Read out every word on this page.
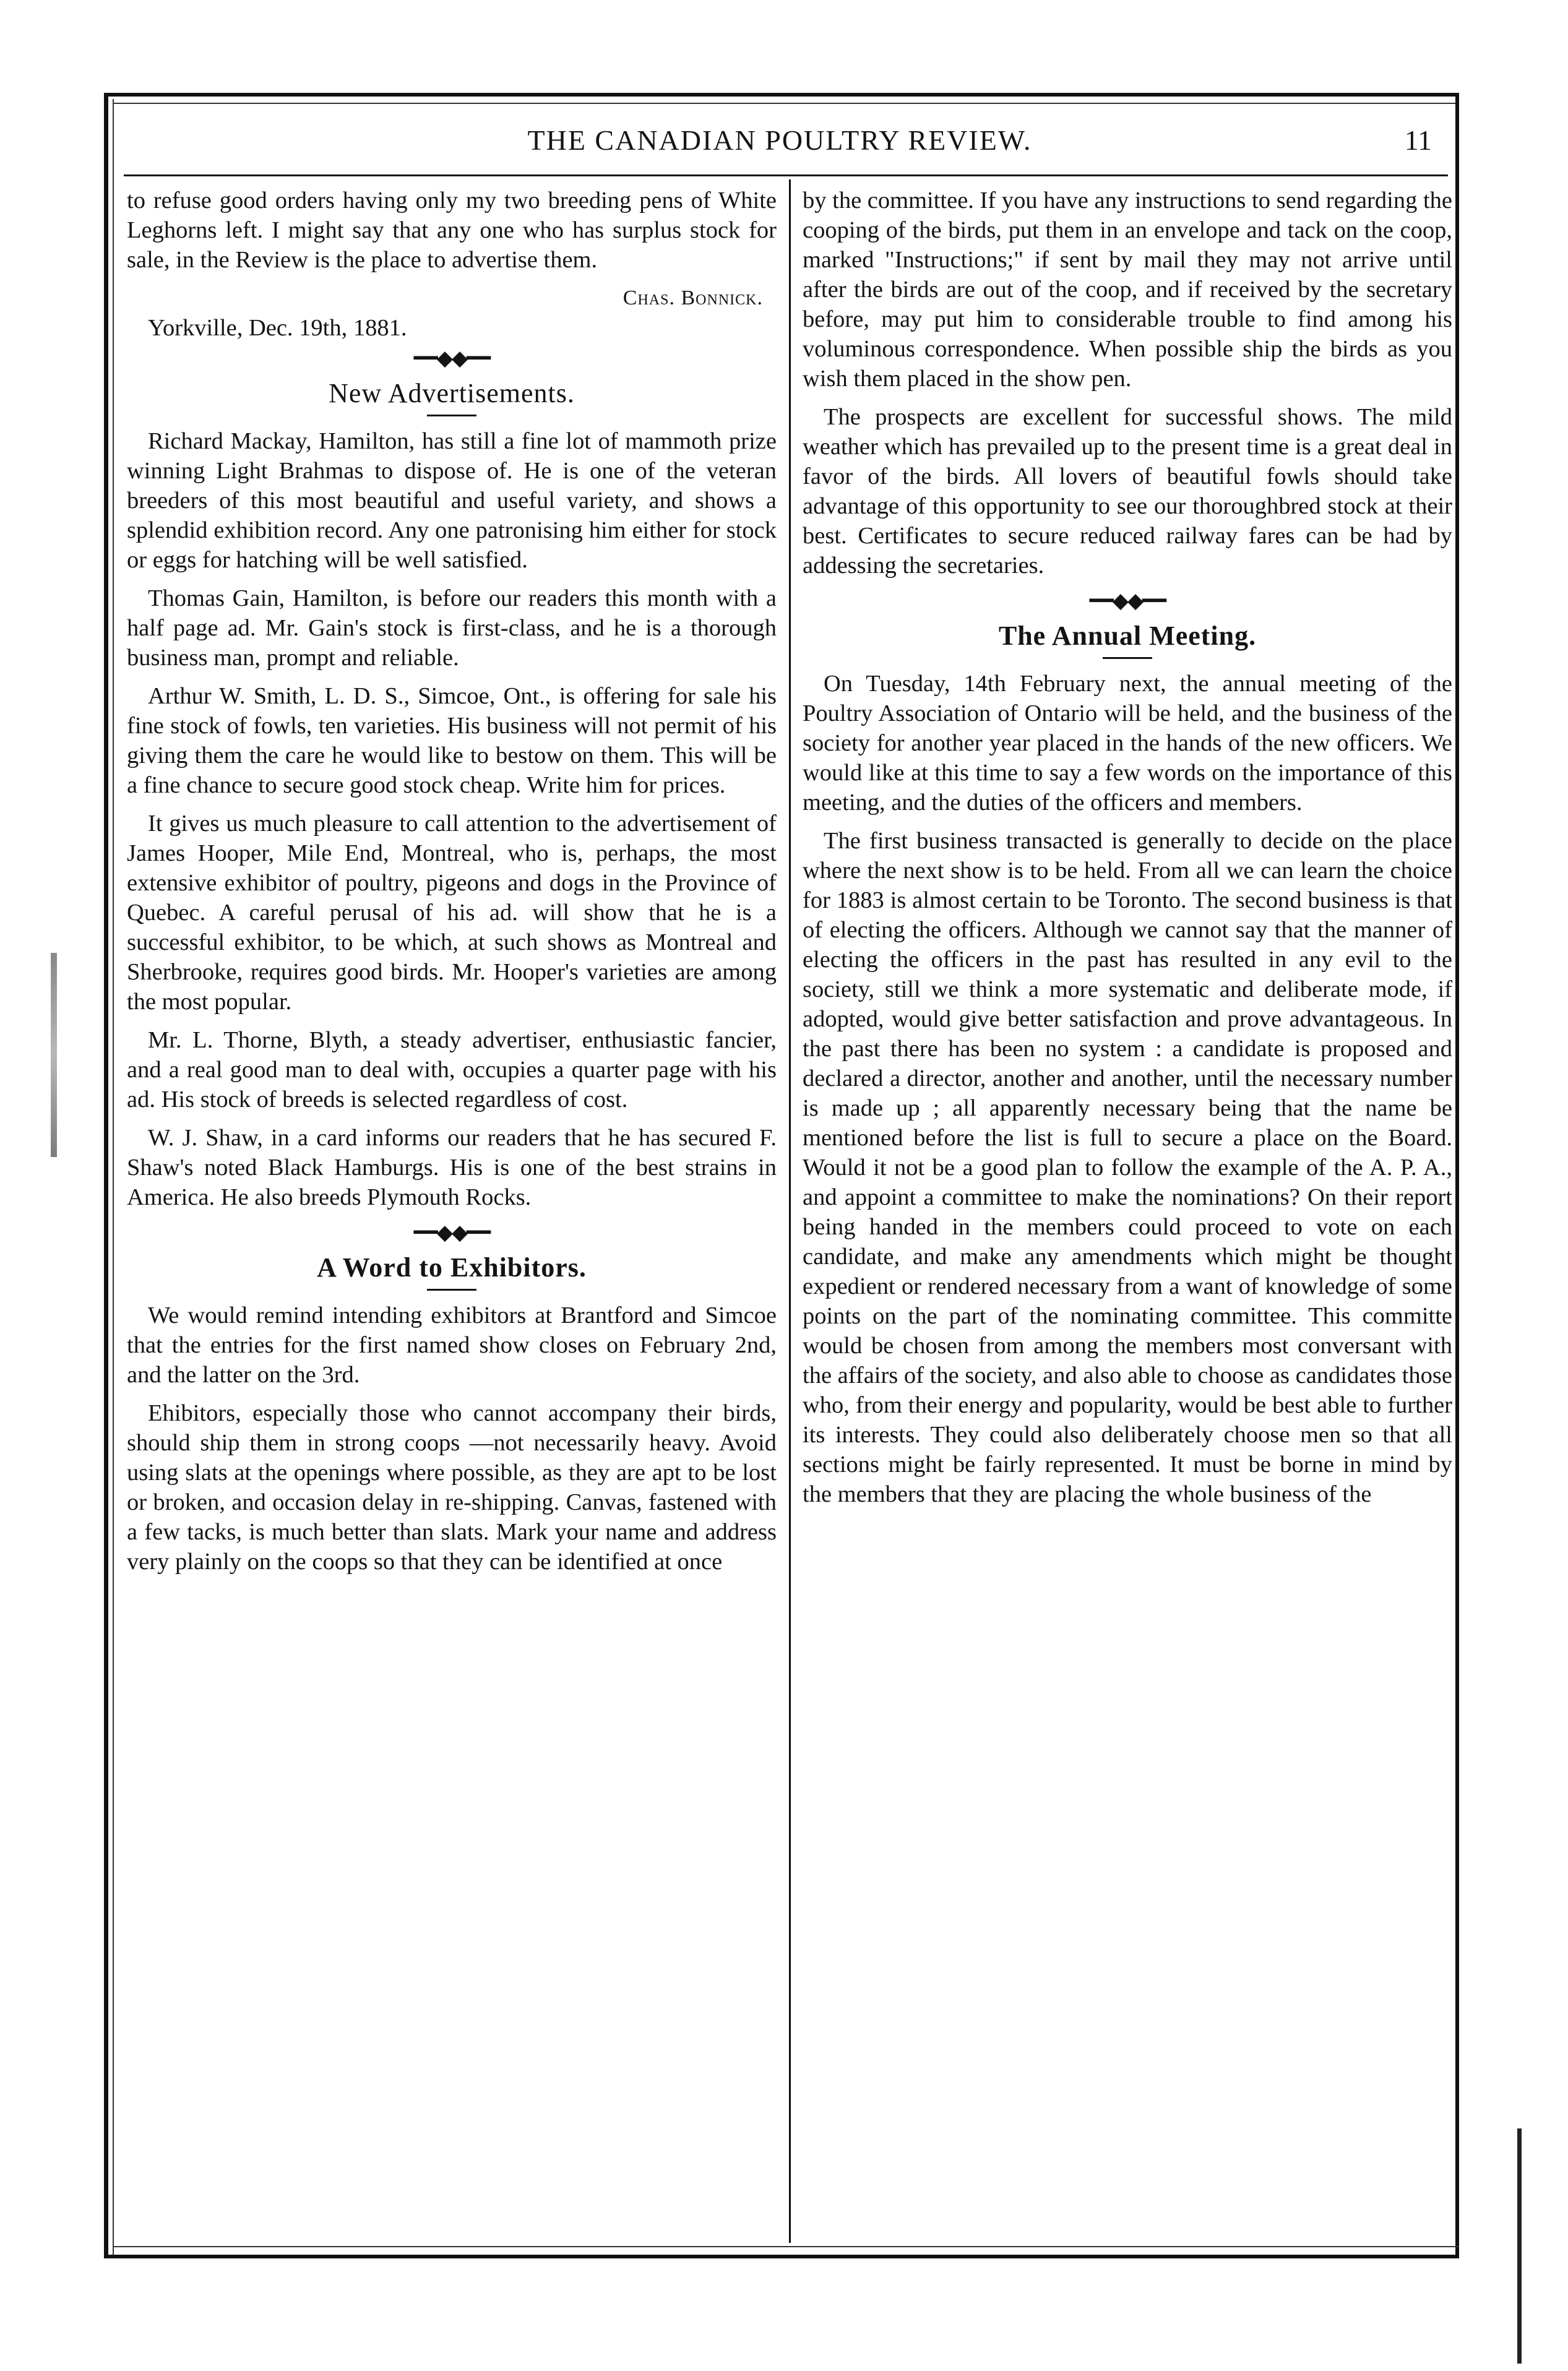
THE CANADIAN POULTRY REVIEW.	11

to refuse good orders having only my two breeding pens of White Leghorns left. I might say that any one who has surplus stock for sale, in the Review is the place to advertise them.

Chas. Bonnick.
Yorkville, Dec. 19th, 1881.
━━◆◆━━
New Advertisements.

Richard Mackay, Hamilton, has still a fine lot of mammoth prize winning Light Brahmas to dispose of. He is one of the veteran breeders of this most beautiful and useful variety, and shows a splendid exhibition record. Any one patronising him either for stock or eggs for hatching will be well satisfied.

Thomas Gain, Hamilton, is before our readers this month with a half page ad. Mr. Gain's stock is first-class, and he is a thorough business man, prompt and reliable.

Arthur W. Smith, L. D. S., Simcoe, Ont., is offering for sale his fine stock of fowls, ten varieties. His business will not permit of his giving them the care he would like to bestow on them. This will be a fine chance to secure good stock cheap. Write him for prices.

It gives us much pleasure to call attention to the advertisement of James Hooper, Mile End, Montreal, who is, perhaps, the most extensive exhibitor of poultry, pigeons and dogs in the Province of Quebec. A careful perusal of his ad. will show that he is a successful exhibitor, to be which, at such shows as Montreal and Sherbrooke, requires good birds. Mr. Hooper's varieties are among the most popular.

Mr. L. Thorne, Blyth, a steady advertiser, enthusiastic fancier, and a real good man to deal with, occupies a quarter page with his ad. His stock of breeds is selected regardless of cost.

W. J. Shaw, in a card informs our readers that he has secured F. Shaw's noted Black Hamburgs. His is one of the best strains in America. He also breeds Plymouth Rocks.

━━◆◆━━
A Word to Exhibitors.

We would remind intending exhibitors at Brantford and Simcoe that the entries for the first named show closes on February 2nd, and the latter on the 3rd.

Ehibitors, especially those who cannot accompany their birds, should ship them in strong coops —not necessarily heavy. Avoid using slats at the openings where possible, as they are apt to be lost or broken, and occasion delay in re-shipping. Canvas, fastened with a few tacks, is much better than slats. Mark your name and address very plainly on the coops so that they can be identified at once

by the committee. If you have any instructions to send regarding the cooping of the birds, put them in an envelope and tack on the coop, marked "Instructions;" if sent by mail they may not arrive until after the birds are out of the coop, and if received by the secretary before, may put him to considerable trouble to find among his voluminous correspondence. When possible ship the birds as you wish them placed in the show pen.

The prospects are excellent for successful shows. The mild weather which has prevailed up to the present time is a great deal in favor of the birds. All lovers of beautiful fowls should take advantage of this opportunity to see our thoroughbred stock at their best. Certificates to secure reduced railway fares can be had by addessing the secretaries.

━━◆◆━━
The Annual Meeting.

On Tuesday, 14th February next, the annual meeting of the Poultry Association of Ontario will be held, and the business of the society for another year placed in the hands of the new officers. We would like at this time to say a few words on the importance of this meeting, and the duties of the officers and members.

The first business transacted is generally to decide on the place where the next show is to be held. From all we can learn the choice for 1883 is almost certain to be Toronto. The second business is that of electing the officers. Although we cannot say that the manner of electing the officers in the past has resulted in any evil to the society, still we think a more systematic and deliberate mode, if adopted, would give better satisfaction and prove advantageous. In the past there has been no system : a candidate is proposed and declared a director, another and another, until the necessary number is made up ; all apparently necessary being that the name be mentioned before the list is full to secure a place on the Board. Would it not be a good plan to follow the example of the A. P. A., and appoint a committee to make the nominations? On their report being handed in the members could proceed to vote on each candidate, and make any amendments which might be thought expedient or rendered necessary from a want of knowledge of some points on the part of the nominating committee. This committe would be chosen from among the members most conversant with the affairs of the society, and also able to choose as candidates those who, from their energy and popularity, would be best able to further its interests. They could also deliberately choose men so that all sections might be fairly represented. It must be borne in mind by the members that they are placing the whole business of the
